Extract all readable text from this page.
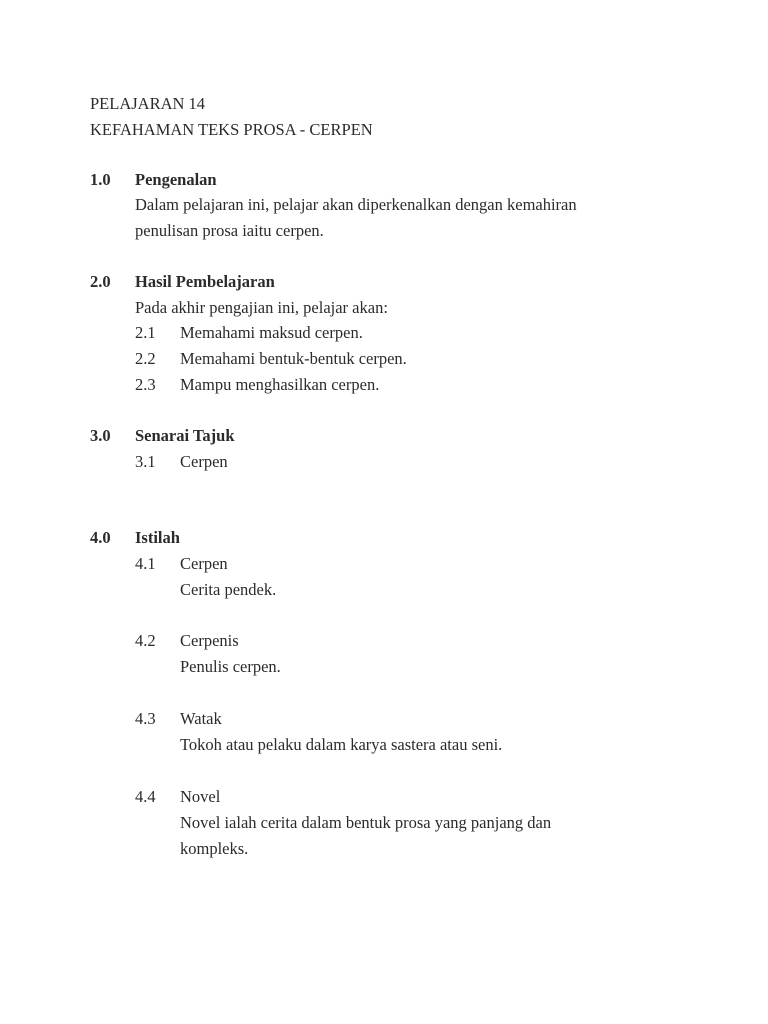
PELAJARAN 14
KEFAHAMAN TEKS PROSA - CERPEN
1.0 Pengenalan
Dalam pelajaran ini, pelajar akan diperkenalkan dengan kemahiran
penulisan prosa iaitu cerpen.
2.0 Hasil Pembelajaran
Pada akhir pengajian ini, pelajar akan:
2.1 Memahami maksud cerpen.
2.2 Memahami bentuk-bentuk cerpen.
2.3 Mampu menghasilkan cerpen.
3.0 Senarai Tajuk
3.1 Cerpen
4.0 Istilah
4.1 Cerpen
Cerita pendek.
4.2 Cerpenis
Penulis cerpen.
4.3 Watak
Tokoh atau pelaku dalam karya sastera atau seni.
4.4 Novel
Novel ialah cerita dalam bentuk prosa yang panjang dan
kompleks.
